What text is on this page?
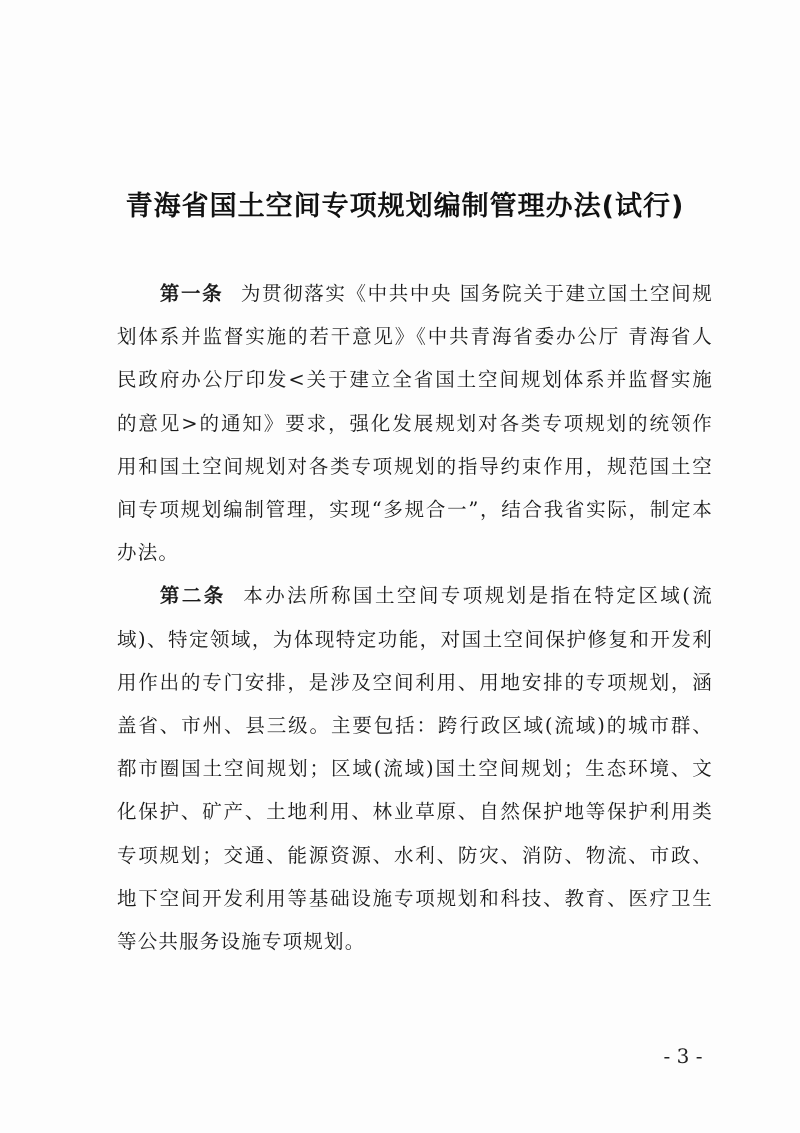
青海省国土空间专项规划编制管理办法(试行)

第一条 为贯彻落实《中共中央 国务院关于建立国土空间规划体系并监督实施的若干意见》《中共青海省委办公厅 青海省人民政府办公厅印发<关于建立全省国土空间规划体系并监督实施的意见>的通知》要求，强化发展规划对各类专项规划的统领作用和国土空间规划对各类专项规划的指导约束作用，规范国土空间专项规划编制管理，实现“多规合一”，结合我省实际，制定本办法。

第二条 本办法所称国土空间专项规划是指在特定区域(流域)、特定领域，为体现特定功能，对国土空间保护修复和开发利用作出的专门安排，是涉及空间利用、用地安排的专项规划，涵盖省、市州、县三级。主要包括：跨行政区域(流域)的城市群、都市圈国土空间规划；区域(流域)国土空间规划；生态环境、文化保护、矿产、土地利用、林业草原、自然保护地等保护利用类专项规划；交通、能源资源、水利、防灾、消防、物流、市政、地下空间开发利用等基础设施专项规划和科技、教育、医疗卫生等公共服务设施专项规划。

- 3 -
